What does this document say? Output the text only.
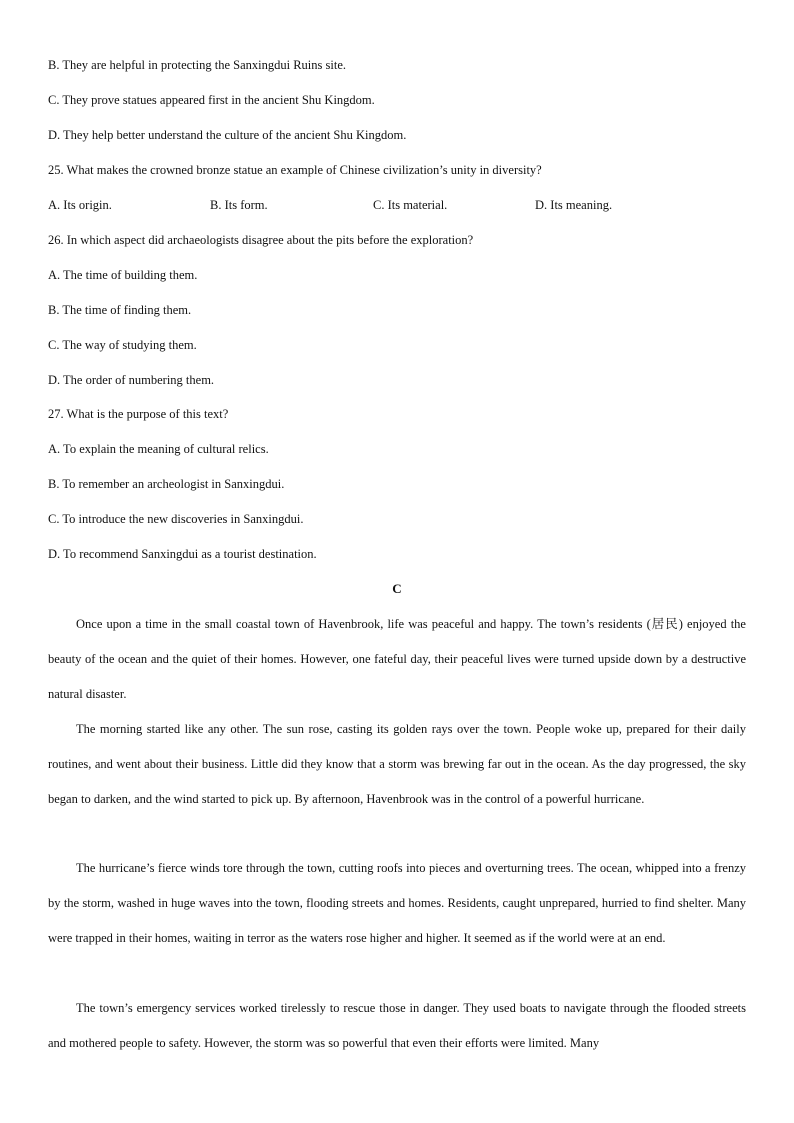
B. They are helpful in protecting the Sanxingdui Ruins site.
C. They prove statues appeared first in the ancient Shu Kingdom.
D. They help better understand the culture of the ancient Shu Kingdom.
25. What makes the crowned bronze statue an example of Chinese civilization’s unity in diversity?
A. Its origin.	B. Its form.	C. Its material.	D. Its meaning.
26. In which aspect did archaeologists disagree about the pits before the exploration?
A. The time of building them.
B. The time of finding them.
C. The way of studying them.
D. The order of numbering them.
27. What is the purpose of this text?
A. To explain the meaning of cultural relics.
B. To remember an archeologist in Sanxingdui.
C. To introduce the new discoveries in Sanxingdui.
D. To recommend Sanxingdui as a tourist destination.
C

Once upon a time in the small coastal town of Havenbrook, life was peaceful and happy. The town’s residents (居民) enjoyed the beauty of the ocean and the quiet of their homes. However, one fateful day, their peaceful lives were turned upside down by a destructive natural disaster.

The morning started like any other. The sun rose, casting its golden rays over the town. People woke up, prepared for their daily routines, and went about their business. Little did they know that a storm was brewing far out in the ocean. As the day progressed, the sky began to darken, and the wind started to pick up. By afternoon, Havenbrook was in the control of a powerful hurricane.

The hurricane’s fierce winds tore through the town, cutting roofs into pieces and overturning trees. The ocean, whipped into a frenzy by the storm, washed in huge waves into the town, flooding streets and homes. Residents, caught unprepared, hurried to find shelter. Many were trapped in their homes, waiting in terror as the waters rose higher and higher. It seemed as if the world were at an end.

The town’s emergency services worked tirelessly to rescue those in danger. They used boats to navigate through the flooded streets and mothered people to safety. However, the storm was so powerful that even their efforts were limited. Many
